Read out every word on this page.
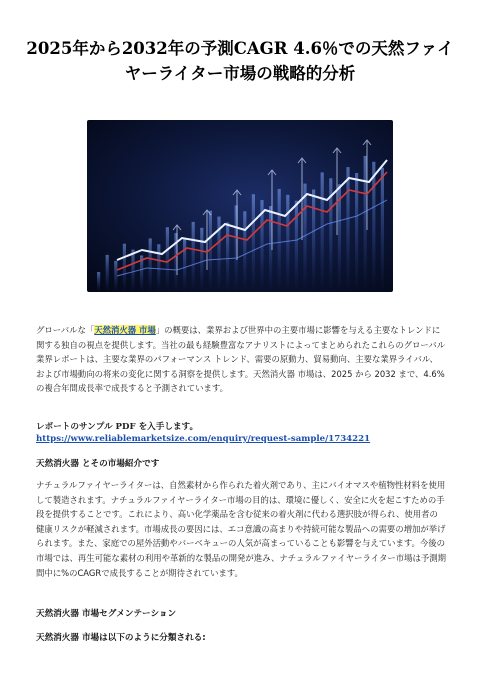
2025年から2032年の予測CAGR 4.6％での天然ファイヤーライター市場の戦略的分析

グローバルな「天然消火器 市場」の概要は、業界および世界中の主要市場に影響を与える主要なトレンドに関する独自の視点を提供します。当社の最も経験豊富なアナリストによってまとめられたこれらのグローバル業界レポートは、主要な業界のパフォーマンス トレンド、需要の原動力、貿易動向、主要な業界ライバル、および市場動向の将来の変化に関する洞察を提供します。天然消火器 市場は、2025 から 2032 まで、4.6% の複合年間成長率で成長すると予測されています。

レポートのサンプル PDF を入手します。https://www.reliablemarketsize.com/enquiry/request-sample/1734221

天然消火器 とその市場紹介です

ナチュラルファイヤーライターは、自然素材から作られた着火剤であり、主にバイオマスや植物性材料を使用して製造されます。ナチュラルファイヤーライター市場の目的は、環境に優しく、安全に火を起こすための手段を提供することです。これにより、高い化学薬品を含む従来の着火剤に代わる選択肢が得られ、使用者の健康リスクが軽減されます。市場成長の要因には、エコ意識の高まりや持続可能な製品への需要の増加が挙げられます。また、家庭での屋外活動やバーベキューの人気が高まっていることも影響を与えています。今後の市場では、再生可能な素材の利用や革新的な製品の開発が進み、ナチュラルファイヤーライター市場は予測期間中に%のCAGRで成長することが期待されています。

天然消火器 市場セグメンテーション
天然消火器 市場は以下のように分類される:
